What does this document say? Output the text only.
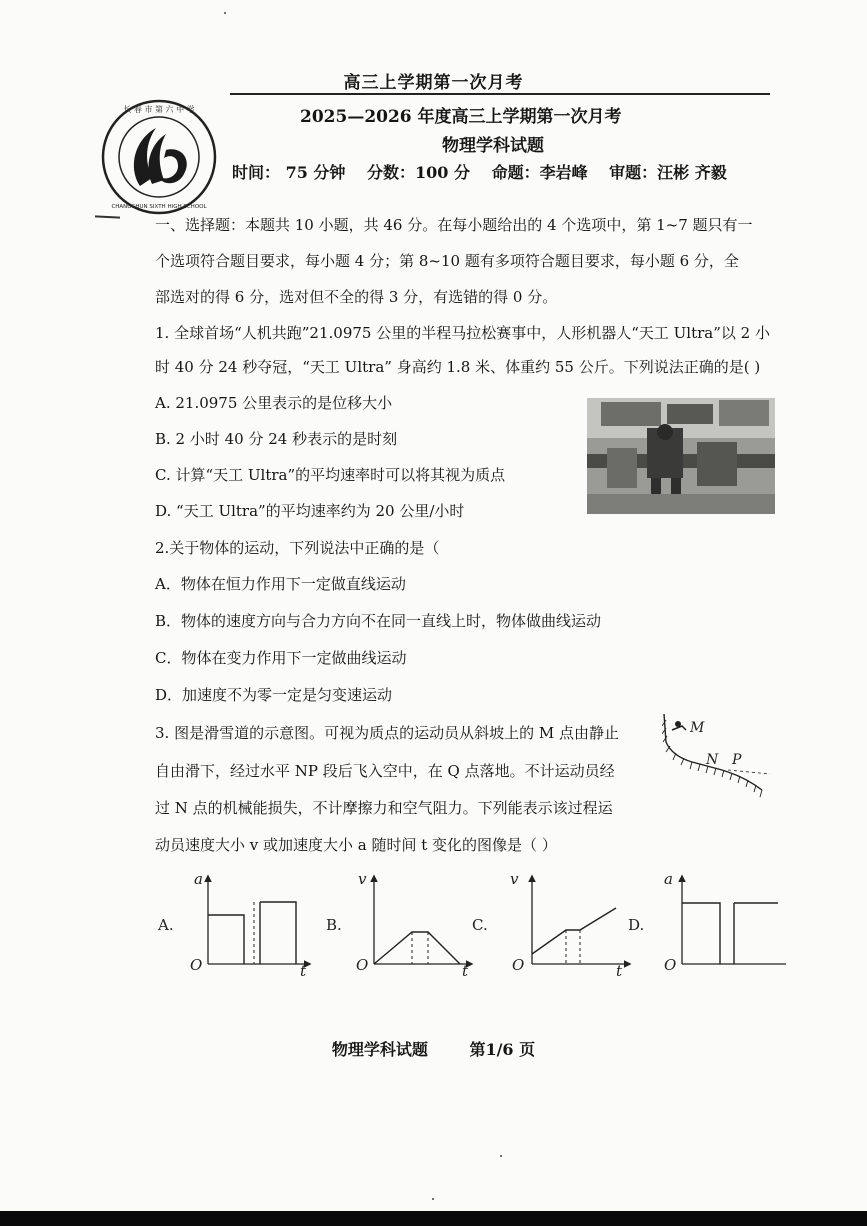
高三上学期第一次月考
长 春 市 第 六 中 学
CHANGCHUN SIXTH HIGH SCHOOL
2025—2026 年度高三上学期第一次月考
物理学科试题
时间： 75 分钟 分数：100 分 命题：李岩峰 审题：汪彬 齐毅
一、选择题：本题共 10 小题，共 46 分。在每小题给出的 4 个选项中，第 1~7 题只有一
个选项符合题目要求，每小题 4 分；第 8~10 题有多项符合题目要求，每小题 6 分，全
部选对的得 6 分，选对但不全的得 3 分，有选错的得 0 分。
1. 全球首场“人机共跑”21.0975 公里的半程马拉松赛事中，人形机器人“天工 Ultra”以 2 小
时 40 分 24 秒夺冠，“天工 Ultra” 身高约 1.8 米、体重约 55 公斤。下列说法正确的是( )
A. 21.0975 公里表示的是位移大小
B. 2 小时 40 分 24 秒表示的是时刻
C. 计算“天工 Ultra”的平均速率时可以将其视为质点
D. “天工 Ultra”的平均速率约为 20 公里/小时
2.关于物体的运动，下列说法中正确的是（
A．物体在恒力作用下一定做直线运动
B．物体的速度方向与合力方向不在同一直线上时，物体做曲线运动
C．物体在变力作用下一定做曲线运动
D．加速度不为零一定是匀变速运动
3. 图是滑雪道的示意图。可视为质点的运动员从斜坡上的 M 点由静止
自由滑下，经过水平 NP 段后飞入空中，在 Q 点落地。不计运动员经
过 N 点的机械能损失，不计摩擦力和空气阻力。下列能表示该过程运
动员速度大小 v 或加速度大小 a 随时间 t 变化的图像是（ ）
M
N P
A.
a
t
O
B.
v
t
O
C.
v
t
O
D.
a
O
物理学科试题	第1/6 页
